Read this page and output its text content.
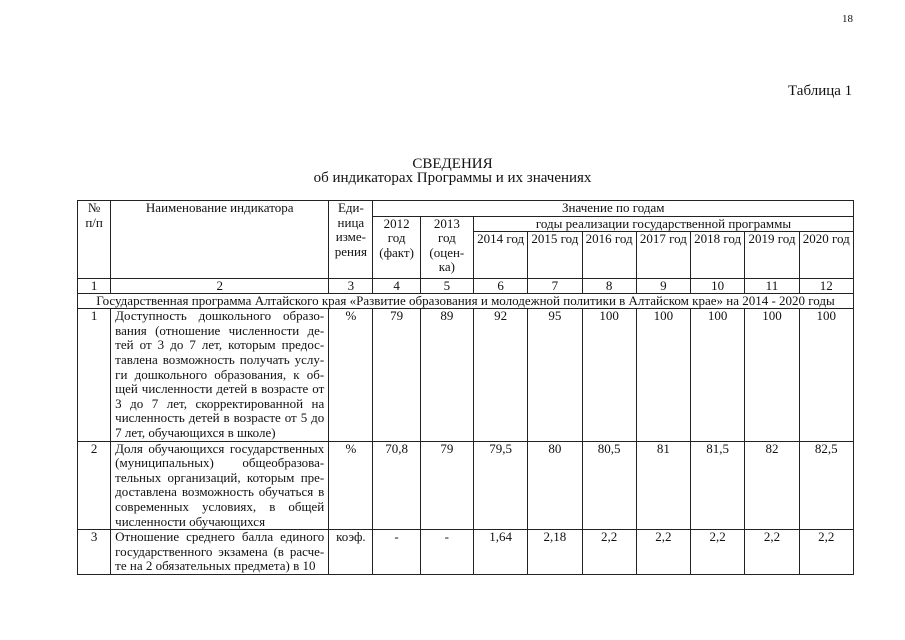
18
Таблица 1
СВЕДЕНИЯ
об индикаторах Программы и их значениях
№ п/п	Наименование индикатора	Еди-ница изме-рения	Значение по годам								
			2012 год (факт)	2013 год (оцен-ка)	годы реализации государственной программы						
					2014 год	2015 год	2016 год	2017 год	2018 год	2019 год	2020 год
1	2	3	4	5	6	7	8	9	10	11	12
Государственная программа Алтайского края «Развитие образования и молодежной политики в Алтайском крае» на 2014 - 2020 годы											
1	Доступность дошкольного образо-вания (отношение численности де-тей от 3 до 7 лет, которым предос-тавлена возможность получать услу-ги дошкольного образования, к об-щей численности детей в возрасте от 3 до 7 лет, скорректированной на численность детей в возрасте от 5 до 7 лет, обучающихся в школе)	%	79	89	92	95	100	100	100	100	100
2	Доля обучающихся государственных (муниципальных) общеобразова-тельных организаций, которым пре-доставлена возможность обучаться в современных условиях, в общей численности обучающихся	%	70,8	79	79,5	80	80,5	81	81,5	82	82,5
3	Отношение среднего балла единого государственного экзамена (в расче-те на 2 обязательных предмета) в 10	коэф.	-	-	1,64	2,18	2,2	2,2	2,2	2,2	2,2
